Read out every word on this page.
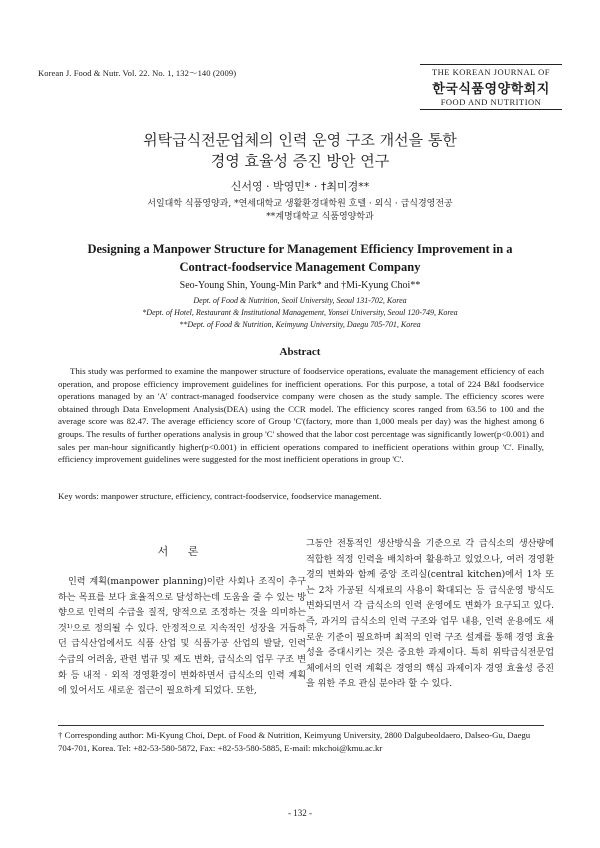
Korean J. Food & Nutr. Vol. 22. No. 1, 132～140 (2009)	THE KOREAN JOURNAL OF
한국식품영양학회지
FOOD AND NUTRITION
위탁급식전문업체의 인력 운영 구조 개선을 통한
경영 효율성 증진 방안 연구
신서영 · 박영민* · †최미경**
서일대학 식품영양과, *연세대학교 생활환경대학원 호텔 · 외식 · 급식경영전공
**계명대학교 식품영양학과
Designing a Manpower Structure for Management Efficiency Improvement in a
Contract-foodservice Management Company
Seo-Young Shin, Young-Min Park* and †Mi-Kyung Choi**
Dept. of Food & Nutrition, Seoil University, Seoul 131-702, Korea
*Dept. of Hotel, Restaurant & Institutional Management, Yonsei University, Seoul 120-749, Korea
**Dept. of Food & Nutrition, Keimyung University, Daegu 705-701, Korea
Abstract
This study was performed to examine the manpower structure of foodservice operations, evaluate the management efficiency of each operation, and propose efficiency improvement guidelines for inefficient operations. For this purpose, a total of 224 B&I foodservice operations managed by an 'A' contract-managed foodservice company were chosen as the study sample. The efficiency scores were obtained through Data Envelopment Analysis(DEA) using the CCR model. The efficiency scores ranged from 63.56 to 100 and the average score was 82.47. The average efficiency score of Group 'C'(factory, more than 1,000 meals per day) was the highest among 6 groups. The results of further operations analysis in group 'C' showed that the labor cost percentage was significantly lower(p<0.001) and sales per man-hour significantly higher(p<0.001) in efficient operations compared to inefficient operations within group 'C'. Finally, efficiency improvement guidelines were suggested for the most inefficient operations in group 'C'.
Key words: manpower structure, efficiency, contract-foodservice, foodservice management.
서 론

인력 계획(manpower planning)이란 사회나 조직이 추구하는 목표를 보다 효율적으로 달성하는데 도움을 줄 수 있는 방향으로 인력의 수급을 질적, 양적으로 조정하는 것을 의미하는 것¹⁾으로 정의될 수 있다. 안정적으로 지속적인 성장을 거듭하던 급식산업에서도 식품 산업 및 식품가공 산업의 발달, 인력 수급의 어려움, 관련 법규 및 제도 변화, 급식소의 업무 구조 변화 등 내적 · 외적 경영환경이 변화하면서 급식소의 인력 계획에 있어서도 새로운 접근이 필요하게 되었다. 또한,

그동안 전통적인 생산방식을 기준으로 각 급식소의 생산량에 적합한 적정 인력을 배치하여 활용하고 있었으나, 여러 경영환경의 변화와 함께 중앙 조리실(central kitchen)에서 1차 또는 2차 가공된 식재료의 사용이 확대되는 등 급식운영 방식도 변화되면서 각 급식소의 인력 운영에도 변화가 요구되고 있다. 즉, 과거의 급식소의 인력 구조와 업무 내용, 인력 운용에도 새로운 기준이 필요하며 최적의 인력 구조 설계를 통해 경영 효율성을 증대시키는 것은 중요한 과제이다. 특히 위탁급식전문업체에서의 인력 계획은 경영의 핵심 과제이자 경영 효율성 증진을 위한 주요 관심 분야라 할 수 있다.

† Corresponding author: Mi-Kyung Choi, Dept. of Food & Nutrition, Keimyung University, 2800 Dalgubeoldaero, Dalseo-Gu, Daegu 704-701, Korea. Tel: +82-53-580-5872, Fax: +82-53-580-5885, E-mail: mkchoi@kmu.ac.kr
- 132 -
